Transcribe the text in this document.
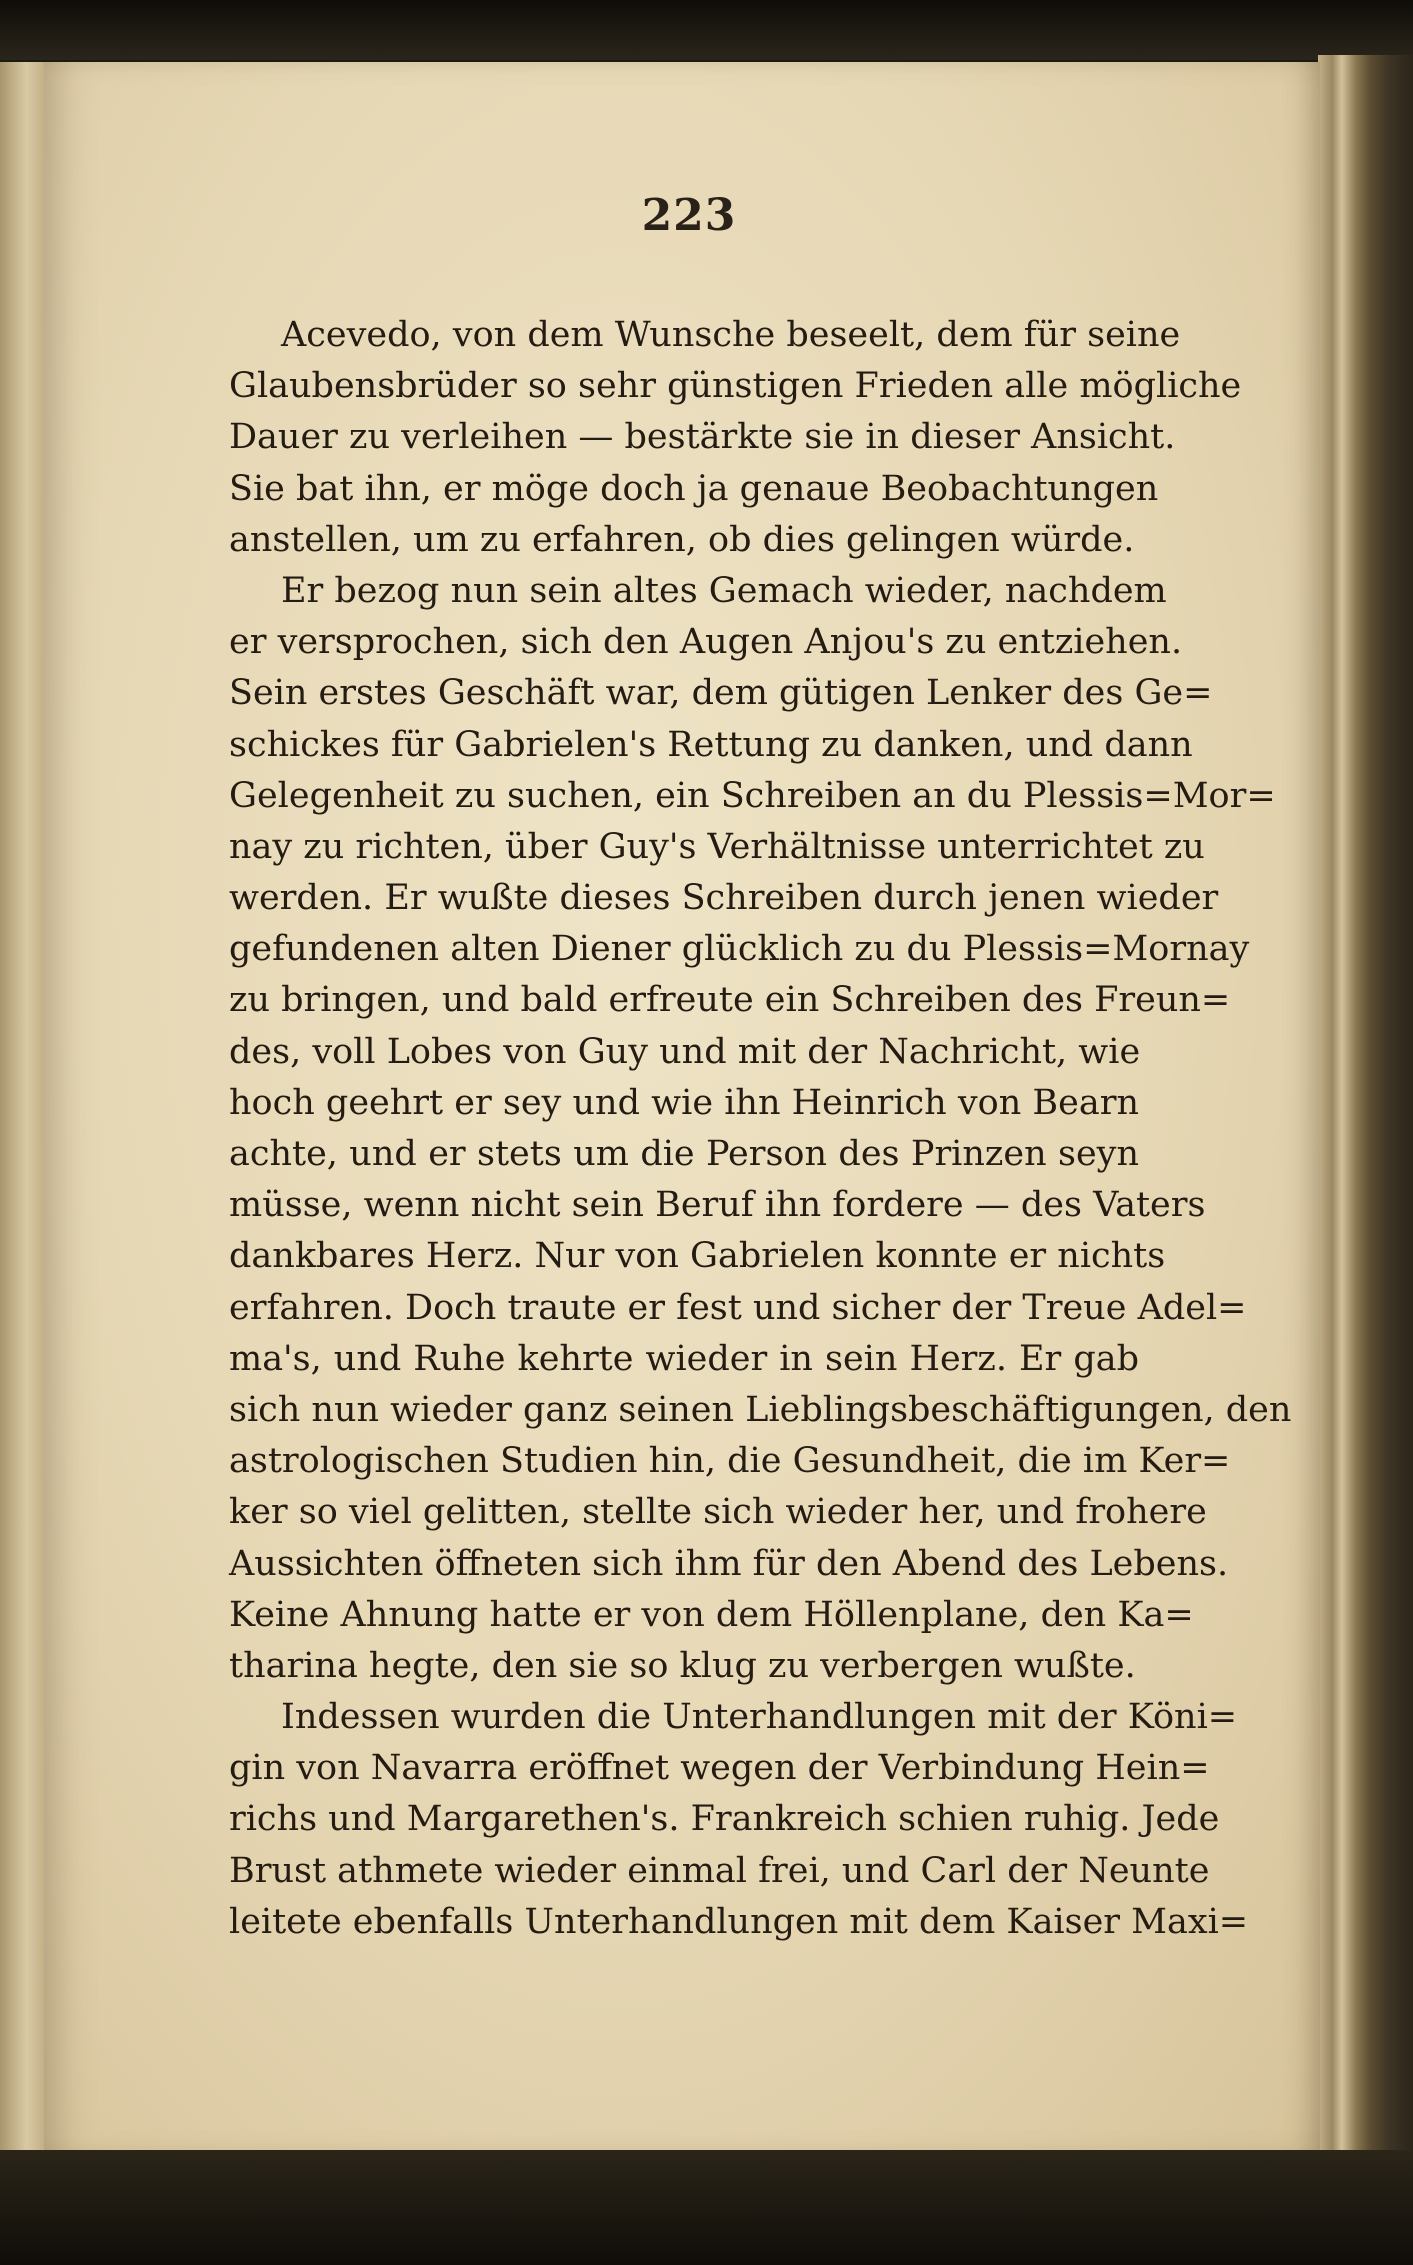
223
Acevedo, von dem Wunsche beseelt, dem für seine
Glaubensbrüder so sehr günstigen Frieden alle mögliche
Dauer zu verleihen — bestärkte sie in dieser Ansicht.
Sie bat ihn, er möge doch ja genaue Beobachtungen
anstellen, um zu erfahren, ob dies gelingen würde.
Er bezog nun sein altes Gemach wieder, nachdem
er versprochen, sich den Augen Anjou's zu entziehen.
Sein erstes Geschäft war, dem gütigen Lenker des Ge=
schickes für Gabrielen's Rettung zu danken, und dann
Gelegenheit zu suchen, ein Schreiben an du Plessis=Mor=
nay zu richten, über Guy's Verhältnisse unterrichtet zu
werden. Er wußte dieses Schreiben durch jenen wieder
gefundenen alten Diener glücklich zu du Plessis=Mornay
zu bringen, und bald erfreute ein Schreiben des Freun=
des, voll Lobes von Guy und mit der Nachricht, wie
hoch geehrt er sey und wie ihn Heinrich von Bearn
achte, und er stets um die Person des Prinzen seyn
müsse, wenn nicht sein Beruf ihn fordere — des Vaters
dankbares Herz. Nur von Gabrielen konnte er nichts
erfahren. Doch traute er fest und sicher der Treue Adel=
ma's, und Ruhe kehrte wieder in sein Herz. Er gab
sich nun wieder ganz seinen Lieblingsbeschäftigungen, den
astrologischen Studien hin, die Gesundheit, die im Ker=
ker so viel gelitten, stellte sich wieder her, und frohere
Aussichten öffneten sich ihm für den Abend des Lebens.
Keine Ahnung hatte er von dem Höllenplane, den Ka=
tharina hegte, den sie so klug zu verbergen wußte.
Indessen wurden die Unterhandlungen mit der Köni=
gin von Navarra eröffnet wegen der Verbindung Hein=
richs und Margarethen's. Frankreich schien ruhig. Jede
Brust athmete wieder einmal frei, und Carl der Neunte
leitete ebenfalls Unterhandlungen mit dem Kaiser Maxi=
